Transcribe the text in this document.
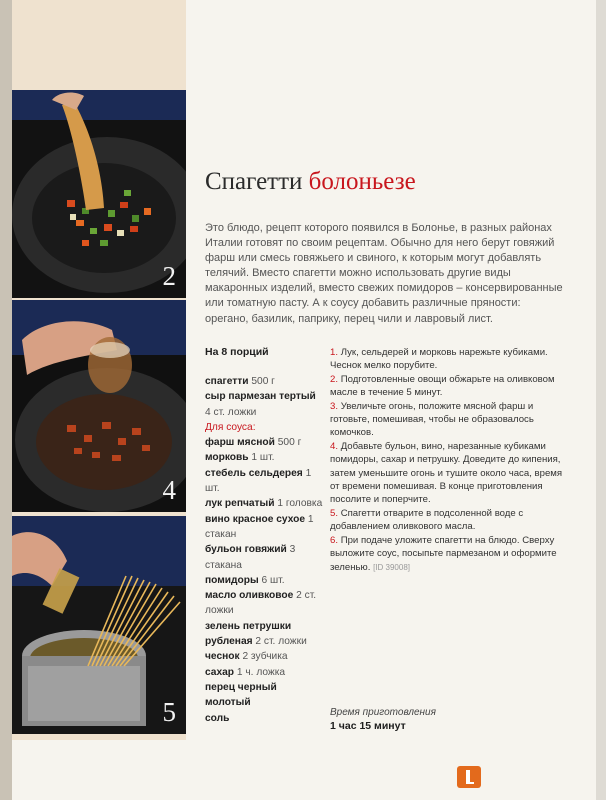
2
4
5
Спагетти болоньезе

Это блюдо, рецепт которого появился в Болонье, в разных районах Италии готовят по своим рецептам. Обычно для него берут говяжий фарш или смесь говяжьего и свиного, к которым могут добавлять телячий. Вместо спагетти можно использовать другие виды макаронных изделий, вместо свежих помидоров – консервированные или томатную пасту. А к соусу добавить различные пряности: орегано, базилик, паприку, перец чили и лавровый лист.

На 8 порций

спагетти 500 г
сыр пармезан тертый 4 ст. ложки
Для соуса:
фарш мясной 500 г
морковь 1 шт.
стебель сельдерея 1 шт.
лук репчатый 1 головка
вино красное сухое 1 стакан
бульон говяжий 3 стакана
помидоры 6 шт.
масло оливковое 2 ст. ложки
зелень петрушки рубленая 2 ст. ложки
чеснок 2 зубчика
сахар 1 ч. ложка
перец черный молотый
соль
1. Лук, сельдерей и морковь нарежьте кубиками. Чеснок мелко порубите.
2. Подготовленные овощи обжарьте на оливковом масле в течение 5 минут.
3. Увеличьте огонь, положите мясной фарш и готовьте, помешивая, чтобы не образовалось комочков.
4. Добавьте бульон, вино, нарезанные кубиками помидоры, сахар и петрушку. Доведите до кипения, затем уменьшите огонь и тушите около часа, время от времени помешивая. В конце приготовления посолите и поперчите.
5. Спагетти отварите в подсоленной воде с добавлением оливкового масла.
6. При подаче уложите спагетти на блюдо. Сверху выложите соус, посыпьте пармезаном и оформите зеленью. [ID 39008]
Время приготовления
1 час 15 минут
